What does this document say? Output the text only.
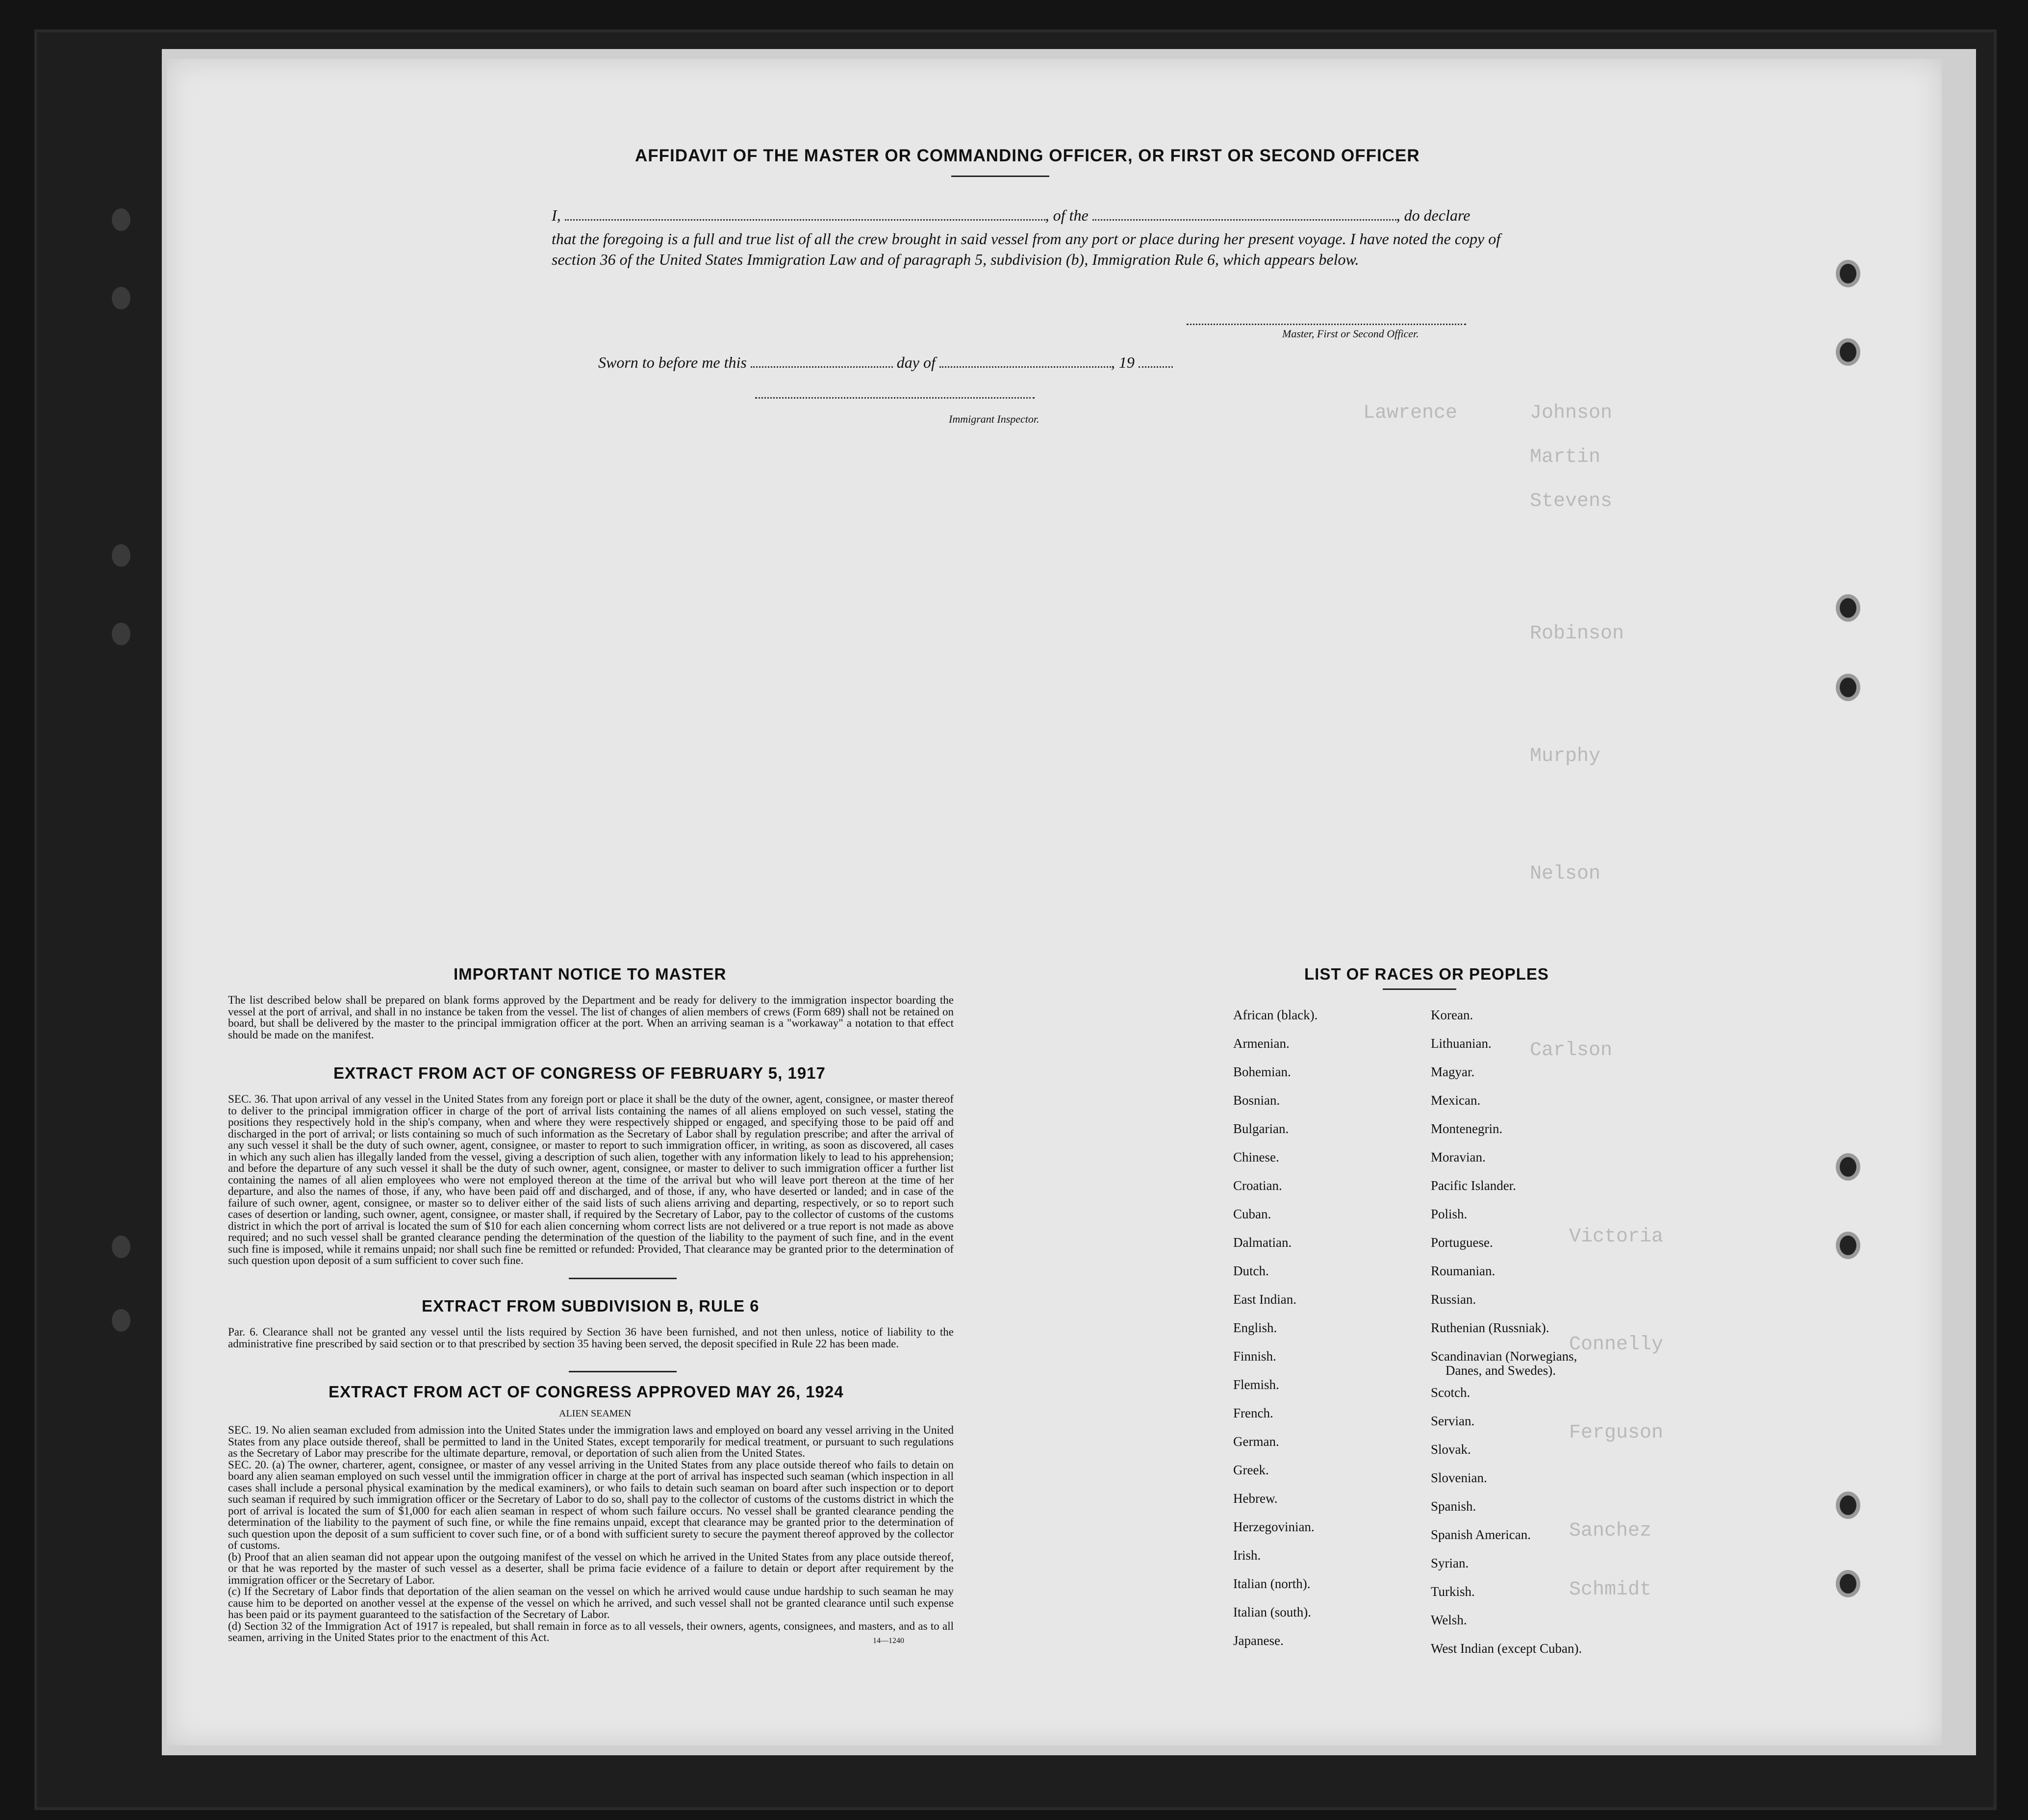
Johnson
Lawrence
Martin
Stevens
Robinson
Murphy
Nelson
Carlson
Victoria
Connelly
Ferguson
Sanchez
Schmidt
AFFIDAVIT OF THE MASTER OR COMMANDING OFFICER, OR FIRST OR SECOND OFFICER
I,	, of the	, do declare
that the foregoing is a full and true list of all the crew brought in said vessel from any port or place during her present voyage. I have noted the copy of section 36 of the United States Immigration Law and of paragraph 5, subdivision (b), Immigration Rule 6, which appears below.
Master, First or Second Officer.
Sworn to before me this	day of	, 19
Immigrant Inspector.
IMPORTANT NOTICE TO MASTER
The list described below shall be prepared on blank forms approved by the Department and be ready for delivery to the immigration inspector boarding the vessel at the port of arrival, and shall in no instance be taken from the vessel. The list of changes of alien members of crews (Form 689) shall not be retained on board, but shall be delivered by the master to the principal immigration officer at the port. When an arriving seaman is a "workaway" a notation to that effect should be made on the manifest.
EXTRACT FROM ACT OF CONGRESS OF FEBRUARY 5, 1917
SEC. 36. That upon arrival of any vessel in the United States from any foreign port or place it shall be the duty of the owner, agent, consignee, or master thereof to deliver to the principal immigration officer in charge of the port of arrival lists containing the names of all aliens employed on such vessel, stating the positions they respectively hold in the ship's company, when and where they were respectively shipped or engaged, and specifying those to be paid off and discharged in the port of arrival; or lists containing so much of such information as the Secretary of Labor shall by regulation prescribe; and after the arrival of any such vessel it shall be the duty of such owner, agent, consignee, or master to report to such immigration officer, in writing, as soon as discovered, all cases in which any such alien has illegally landed from the vessel, giving a description of such alien, together with any information likely to lead to his apprehension; and before the departure of any such vessel it shall be the duty of such owner, agent, consignee, or master to deliver to such immigration officer a further list containing the names of all alien employees who were not employed thereon at the time of the arrival but who will leave port thereon at the time of her departure, and also the names of those, if any, who have been paid off and discharged, and of those, if any, who have deserted or landed; and in case of the failure of such owner, agent, consignee, or master so to deliver either of the said lists of such aliens arriving and departing, respectively, or so to report such cases of desertion or landing, such owner, agent, consignee, or master shall, if required by the Secretary of Labor, pay to the collector of customs of the customs district in which the port of arrival is located the sum of $10 for each alien concerning whom correct lists are not delivered or a true report is not made as above required; and no such vessel shall be granted clearance pending the determination of the question of the liability to the payment of such fine, and in the event such fine is imposed, while it remains unpaid; nor shall such fine be remitted or refunded: Provided, That clearance may be granted prior to the determination of such question upon deposit of a sum sufficient to cover such fine.
EXTRACT FROM SUBDIVISION B, RULE 6
Par. 6. Clearance shall not be granted any vessel until the lists required by Section 36 have been furnished, and not then unless, notice of liability to the administrative fine prescribed by said section or to that prescribed by section 35 having been served, the deposit specified in Rule 22 has been made.
EXTRACT FROM ACT OF CONGRESS APPROVED MAY 26, 1924
ALIEN SEAMEN
SEC. 19. No alien seaman excluded from admission into the United States under the immigration laws and employed on board any vessel arriving in the United States from any place outside thereof, shall be permitted to land in the United States, except temporarily for medical treatment, or pursuant to such regulations as the Secretary of Labor may prescribe for the ultimate departure, removal, or deportation of such alien from the United States.
SEC. 20. (a) The owner, charterer, agent, consignee, or master of any vessel arriving in the United States from any place outside thereof who fails to detain on board any alien seaman employed on such vessel until the immigration officer in charge at the port of arrival has inspected such seaman (which inspection in all cases shall include a personal physical examination by the medical examiners), or who fails to detain such seaman on board after such inspection or to deport such seaman if required by such immigration officer or the Secretary of Labor to do so, shall pay to the collector of customs of the customs district in which the port of arrival is located the sum of $1,000 for each alien seaman in respect of whom such failure occurs. No vessel shall be granted clearance pending the determination of the liability to the payment of such fine, or while the fine remains unpaid, except that clearance may be granted prior to the determination of such question upon the deposit of a sum sufficient to cover such fine, or of a bond with sufficient surety to secure the payment thereof approved by the collector of customs.
(b) Proof that an alien seaman did not appear upon the outgoing manifest of the vessel on which he arrived in the United States from any place outside thereof, or that he was reported by the master of such vessel as a deserter, shall be prima facie evidence of a failure to detain or deport after requirement by the immigration officer or the Secretary of Labor.
(c) If the Secretary of Labor finds that deportation of the alien seaman on the vessel on which he arrived would cause undue hardship to such seaman he may cause him to be deported on another vessel at the expense of the vessel on which he arrived, and such vessel shall not be granted clearance until such expense has been paid or its payment guaranteed to the satisfaction of the Secretary of Labor.
(d) Section 32 of the Immigration Act of 1917 is repealed, but shall remain in force as to all vessels, their owners, agents, consignees, and masters, and as to all seamen, arriving in the United States prior to the enactment of this Act.	14—1240
LIST OF RACES OR PEOPLES
African (black).
Armenian.
Bohemian.
Bosnian.
Bulgarian.
Chinese.
Croatian.
Cuban.
Dalmatian.
Dutch.
East Indian.
English.
Finnish.
Flemish.
French.
German.
Greek.
Hebrew.
Herzegovinian.
Irish.
Italian (north).
Italian (south).
Japanese.
Korean.
Lithuanian.
Magyar.
Mexican.
Montenegrin.
Moravian.
Pacific Islander.
Polish.
Portuguese.
Roumanian.
Russian.
Ruthenian (Russniak).
Scandinavian (Norwegians,
Danes, and Swedes).
Scotch.
Servian.
Slovak.
Slovenian.
Spanish.
Spanish American.
Syrian.
Turkish.
Welsh.
West Indian (except Cuban).
